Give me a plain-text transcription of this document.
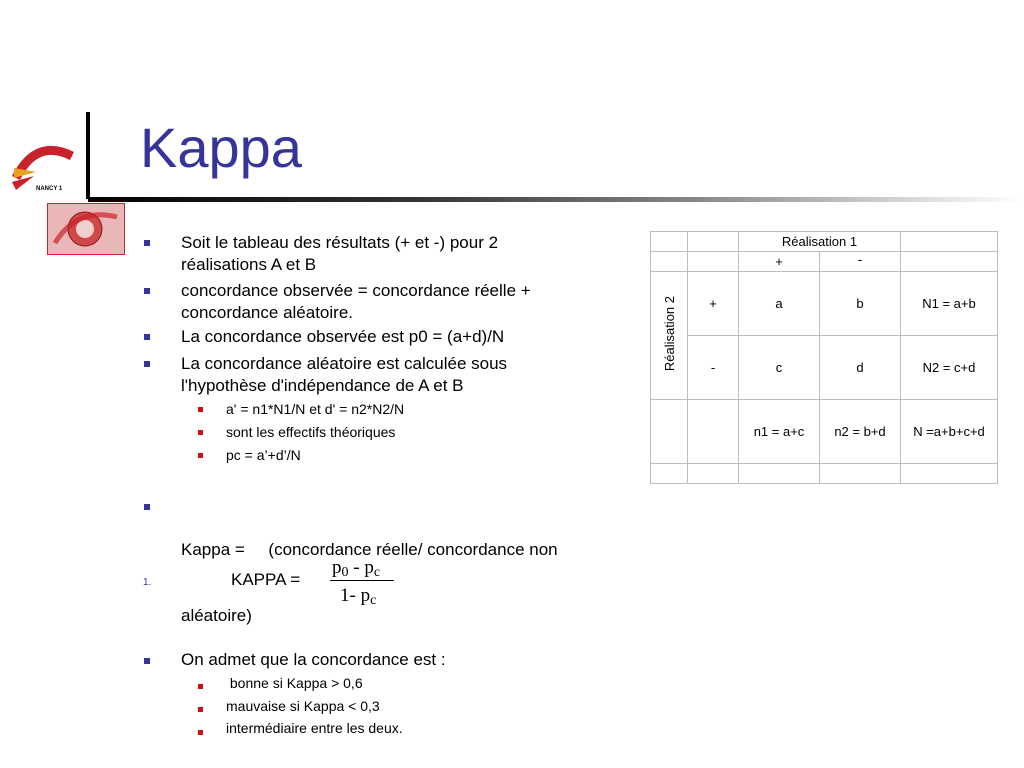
NANCY 1
Kappa
Soit le tableau des résultats (+ et -) pour 2
réalisations A et B
concordance observée = concordance réelle +
concordance aléatoire.
La concordance observée est p0 = (a+d)/N
La concordance aléatoire est calculée sous
l'hypothèse d'indépendance de A et B
a' = n1*N1/N et d' = n2*N2/N
sont les effectifs théoriques
pc = a’+d’/N

Kappa =     (concordance réelle/ concordance non

aléatoire)

1.	KAPPA =
$p_0 - p_c$
1- $p_c$
On admet que la concordance est :
bonne si Kappa > 0,6
mauvaise si Kappa < 0,3
intermédiaire entre les deux.
		Réalisation 1		
		+	-	
Réalisation 2	+	a	b	N1 = a+b
	-	c	d	N2 = c+d
		n1 = a+c	n2 = b+d	N =a+b+c+d
